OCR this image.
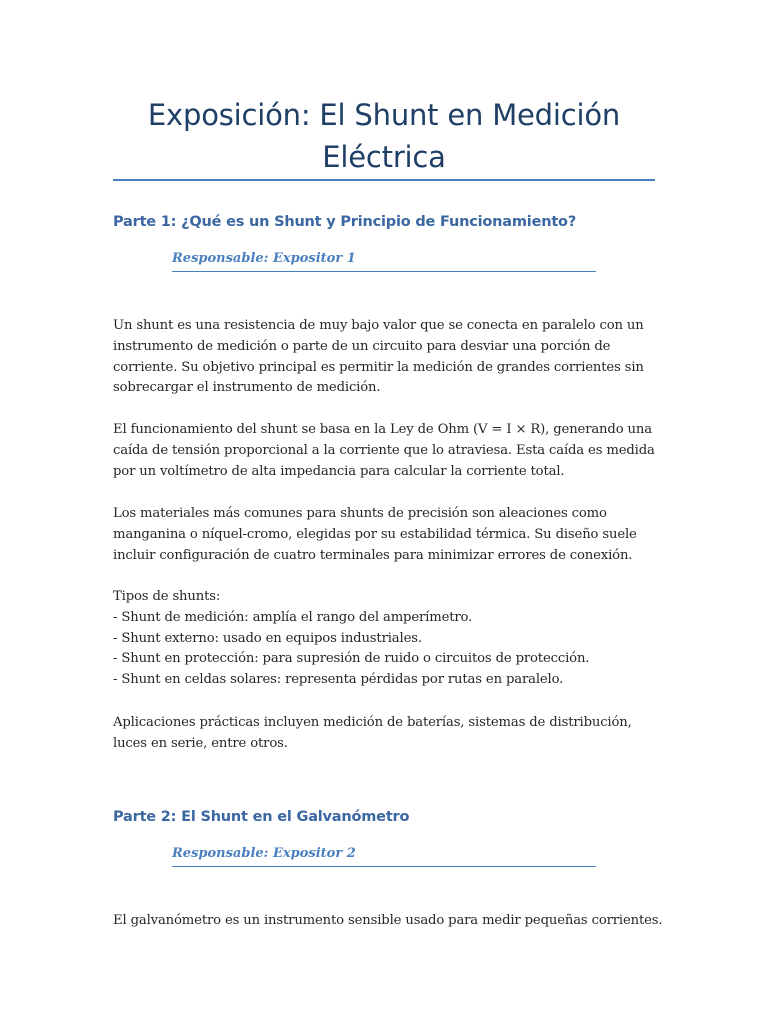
Exposición: El Shunt en Medición Eléctrica
Parte 1: ¿Qué es un Shunt y Principio de Funcionamiento?

Responsable: Expositor 1

Un shunt es una resistencia de muy bajo valor que se conecta en paralelo con un instrumento de medición o parte de un circuito para desviar una porción de corriente. Su objetivo principal es permitir la medición de grandes corrientes sin sobrecargar el instrumento de medición.

El funcionamiento del shunt se basa en la Ley de Ohm (V = I × R), generando una caída de tensión proporcional a la corriente que lo atraviesa. Esta caída es medida por un voltímetro de alta impedancia para calcular la corriente total.

Los materiales más comunes para shunts de precisión son aleaciones como manganina o níquel-cromo, elegidas por su estabilidad térmica. Su diseño suele incluir configuración de cuatro terminales para minimizar errores de conexión.

Tipos de shunts:
- Shunt de medición: amplía el rango del amperímetro.
- Shunt externo: usado en equipos industriales.
- Shunt en protección: para supresión de ruido o circuitos de protección.
- Shunt en celdas solares: representa pérdidas por rutas en paralelo.

Aplicaciones prácticas incluyen medición de baterías, sistemas de distribución, luces en serie, entre otros.

Parte 2: El Shunt en el Galvanómetro

Responsable: Expositor 2

El galvanómetro es un instrumento sensible usado para medir pequeñas corrientes.
